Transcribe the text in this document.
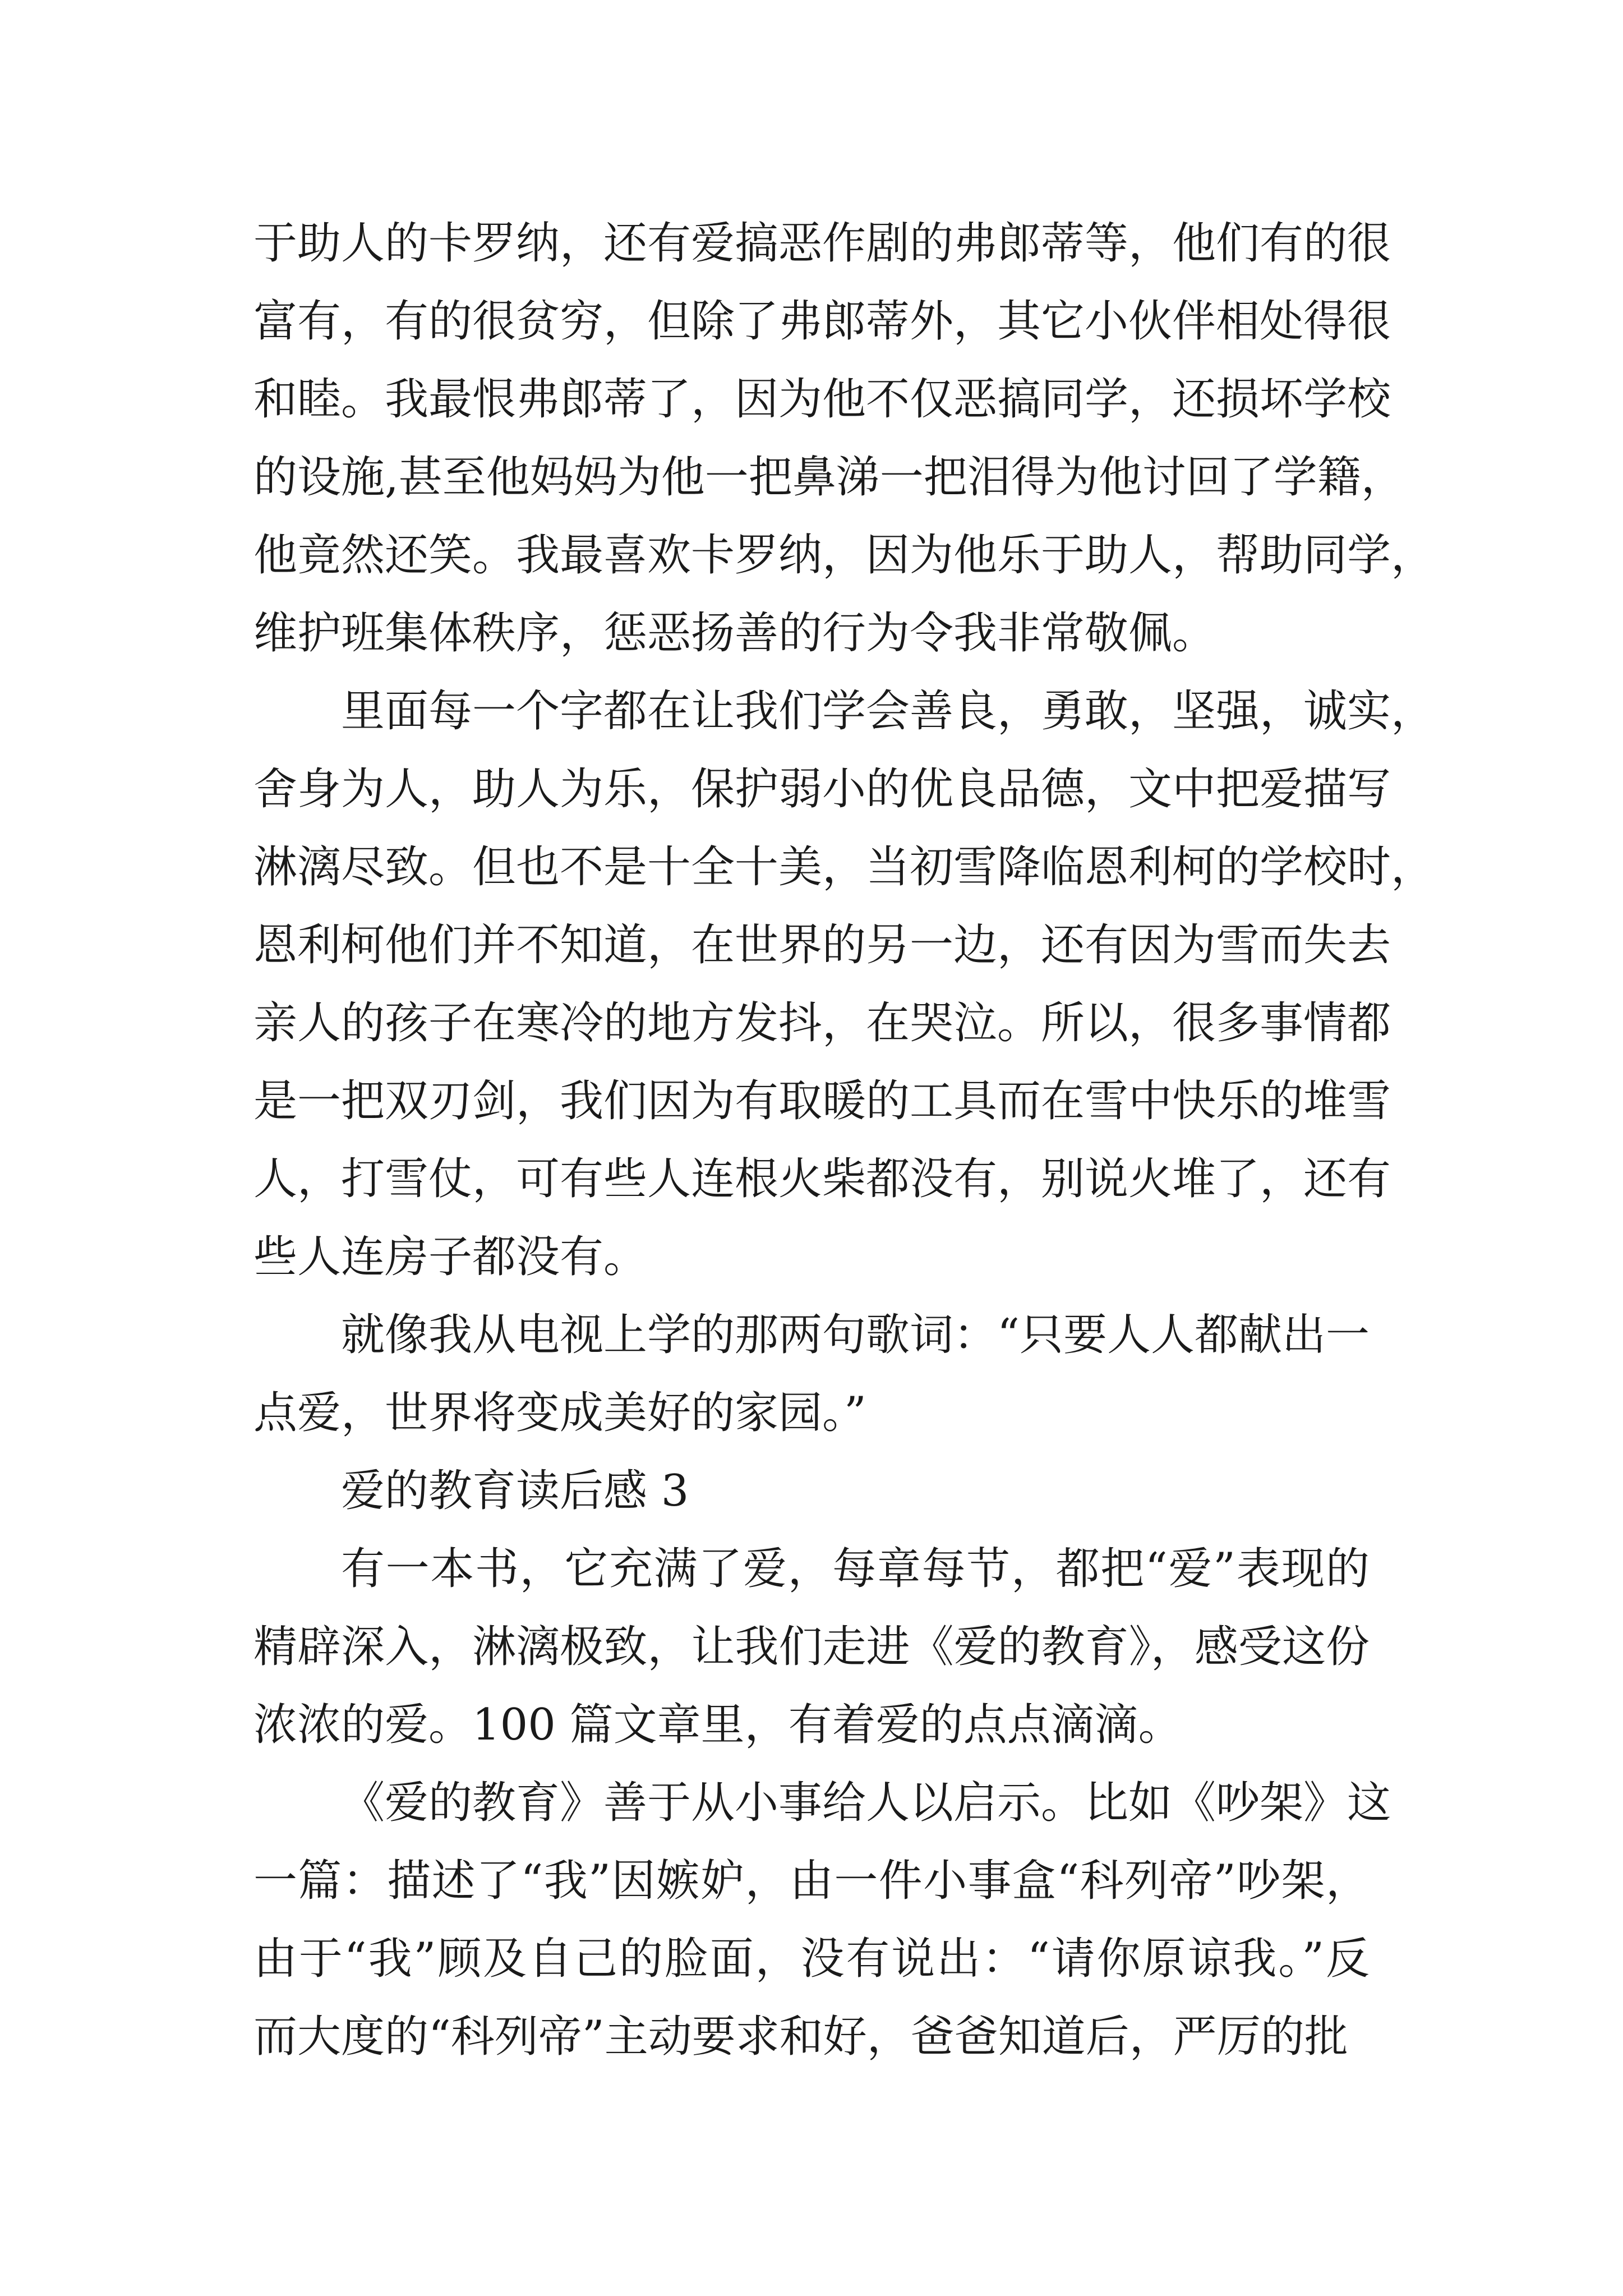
于助人的卡罗纳，还有爱搞恶作剧的弗郎蒂等，他们有的很
富有，有的很贫穷，但除了弗郎蒂外，其它小伙伴相处得很
和睦。我最恨弗郎蒂了，因为他不仅恶搞同学，还损坏学校
的设施,甚至他妈妈为他一把鼻涕一把泪得为他讨回了学籍，
他竟然还笑。我最喜欢卡罗纳，因为他乐于助人，帮助同学，
维护班集体秩序，惩恶扬善的行为令我非常敬佩。

里面每一个字都在让我们学会善良，勇敢，坚强，诚实，
舍身为人，助人为乐，保护弱小的优良品德，文中把爱描写
淋漓尽致。但也不是十全十美，当初雪降临恩利柯的学校时，
恩利柯他们并不知道，在世界的另一边，还有因为雪而失去
亲人的孩子在寒冷的地方发抖，在哭泣。所以，很多事情都
是一把双刃剑，我们因为有取暖的工具而在雪中快乐的堆雪
人，打雪仗，可有些人连根火柴都没有，别说火堆了，还有
些人连房子都没有。

就像我从电视上学的那两句歌词：“只要人人都献出一
点爱，世界将变成美好的家园。”

爱的教育读后感 3

有一本书，它充满了爱，每章每节，都把“爱”表现的
精辟深入，淋漓极致，让我们走进《爱的教育》，感受这份
浓浓的爱。100 篇文章里，有着爱的点点滴滴。

《爱的教育》善于从小事给人以启示。比如《吵架》这
一篇：描述了“我”因嫉妒，由一件小事盒“科列帝”吵架，
由于“我”顾及自己的脸面，没有说出：“请你原谅我。”反
而大度的“科列帝”主动要求和好，爸爸知道后，严厉的批
